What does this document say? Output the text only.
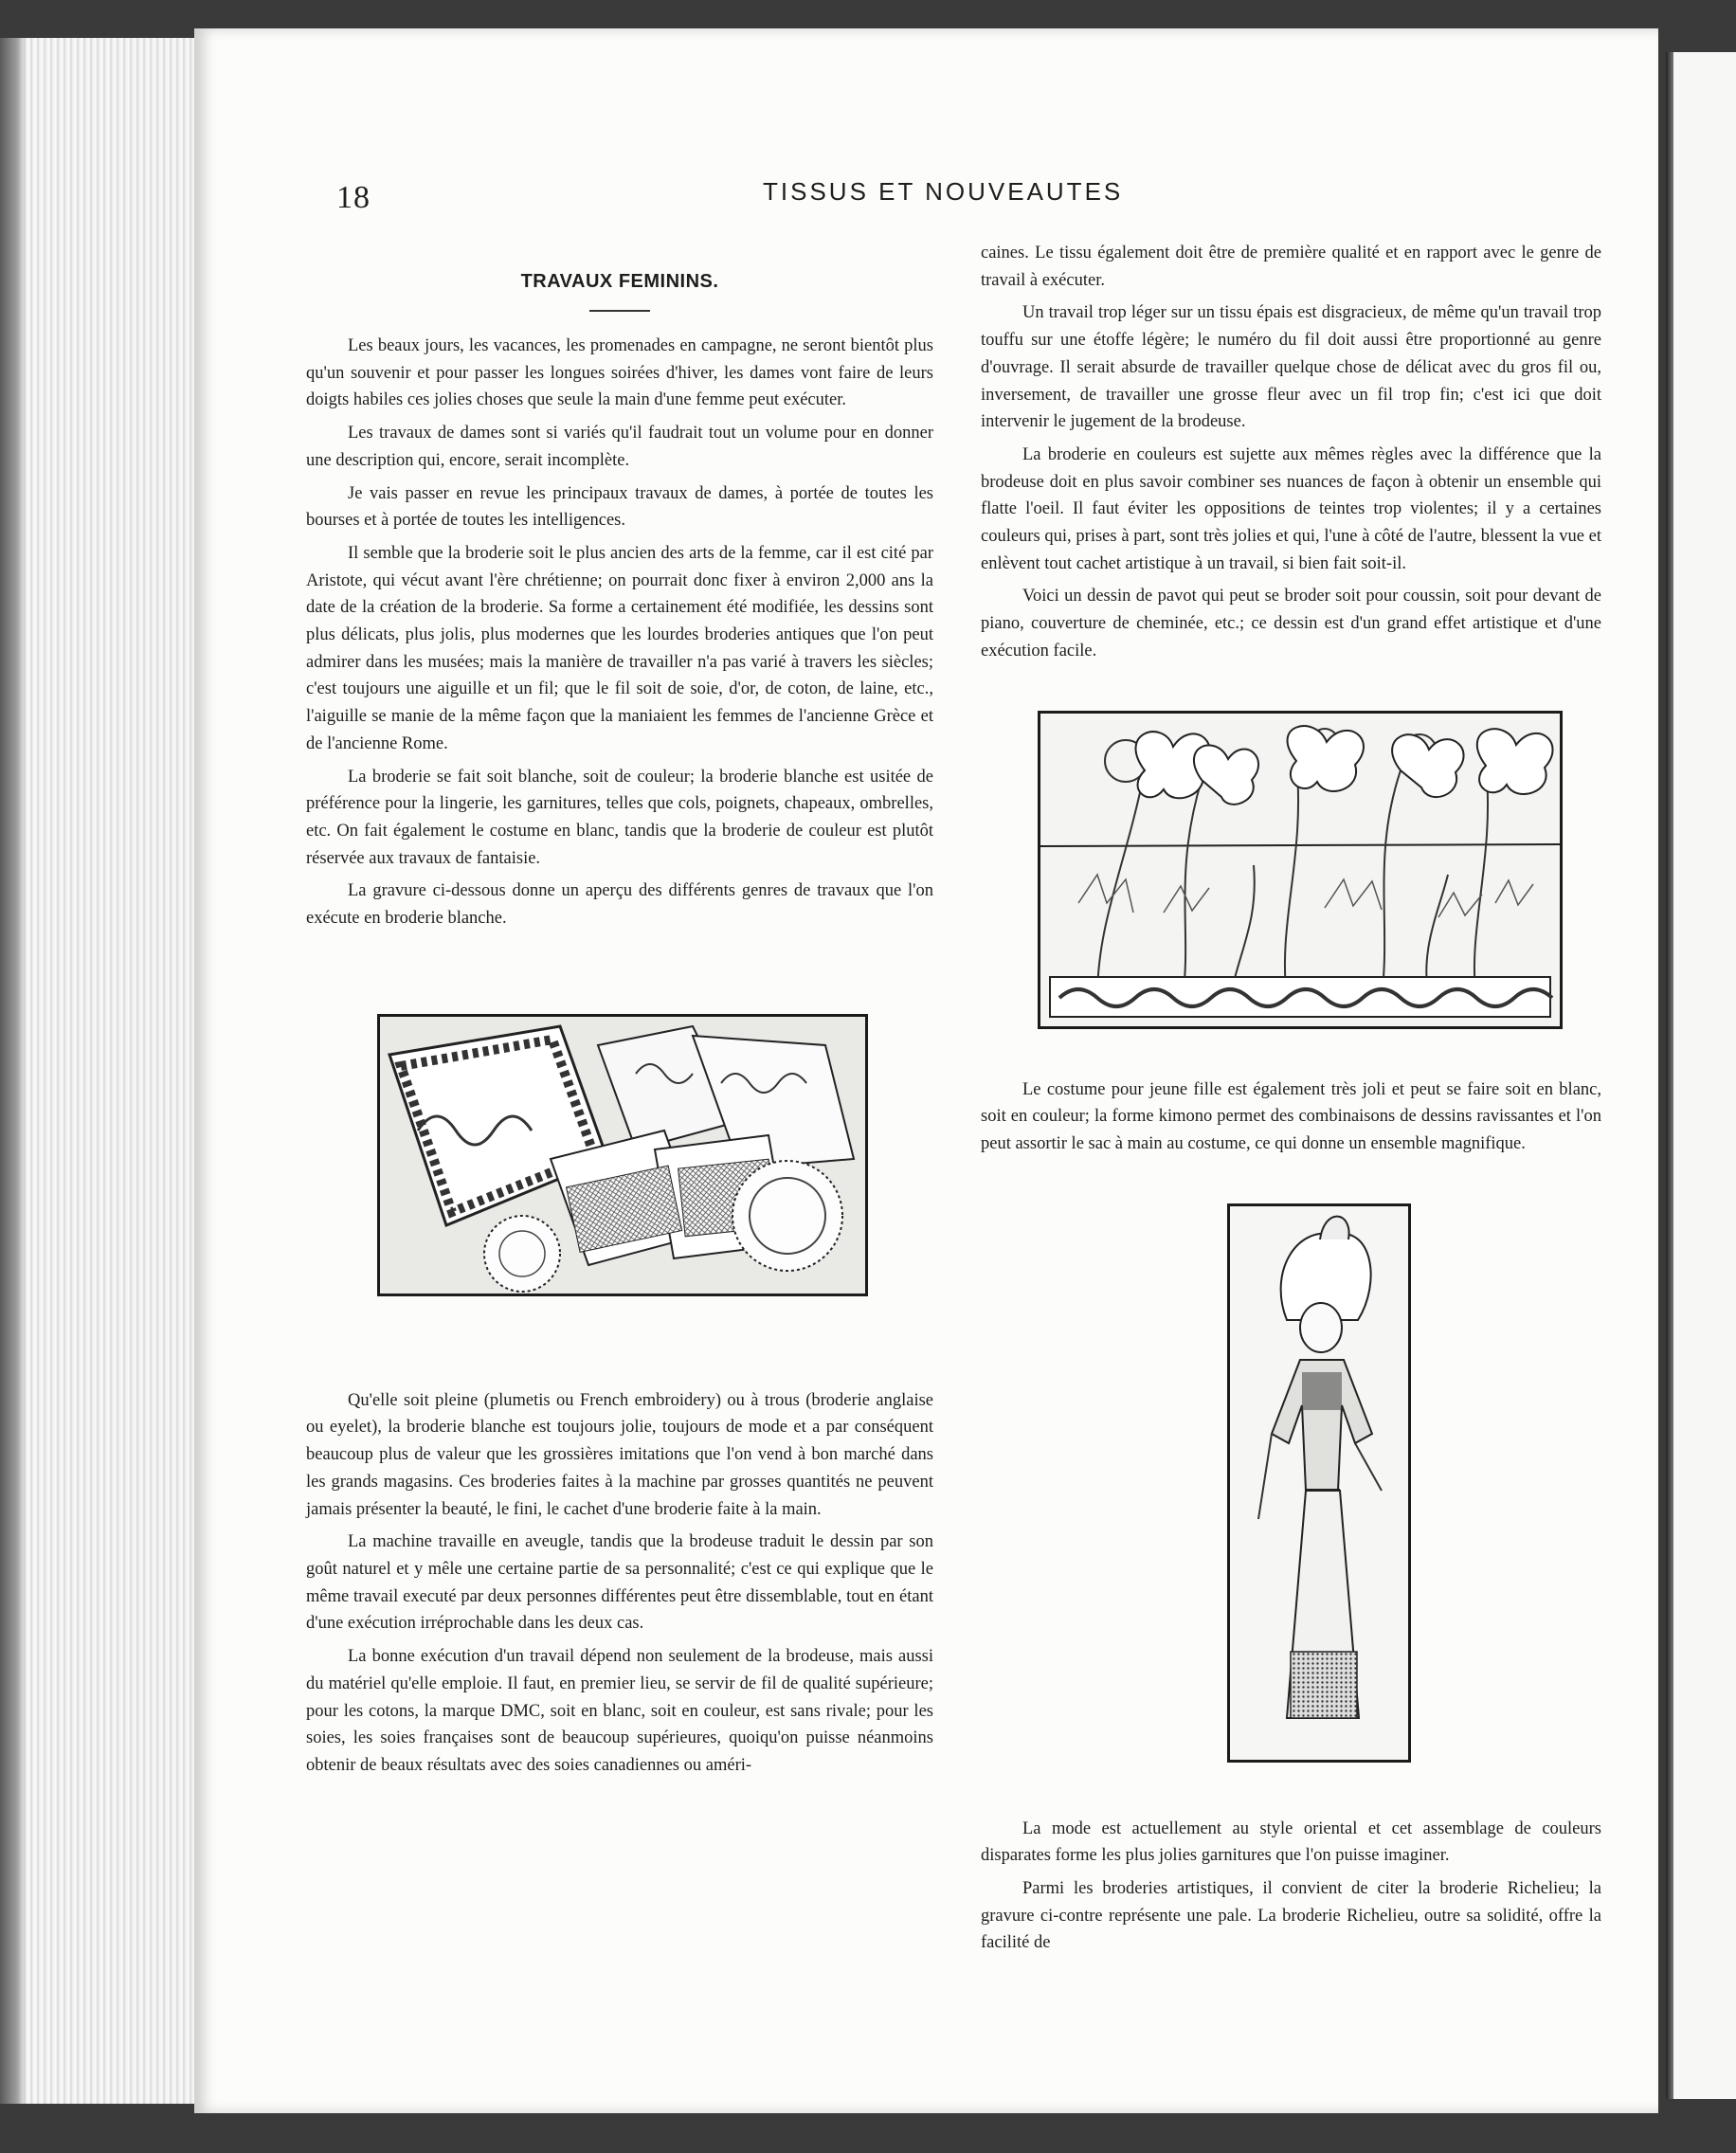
18	TISSUS ET NOUVEAUTES
TRAVAUX FEMININS.

Les beaux jours, les vacances, les promenades en campagne, ne seront bientôt plus qu'un souvenir et pour passer les longues soirées d'hiver, les dames vont faire de leurs doigts habiles ces jolies choses que seule la main d'une femme peut exécuter.

Les travaux de dames sont si variés qu'il faudrait tout un volume pour en donner une description qui, encore, serait incomplète.

Je vais passer en revue les principaux travaux de dames, à portée de toutes les bourses et à portée de toutes les intelligences.

Il semble que la broderie soit le plus ancien des arts de la femme, car il est cité par Aristote, qui vécut avant l'ère chrétienne; on pourrait donc fixer à environ 2,000 ans la date de la création de la broderie. Sa forme a certainement été modifiée, les dessins sont plus délicats, plus jolis, plus modernes que les lourdes broderies antiques que l'on peut admirer dans les musées; mais la manière de travailler n'a pas varié à travers les siècles; c'est toujours une aiguille et un fil; que le fil soit de soie, d'or, de coton, de laine, etc., l'aiguille se manie de la même façon que la maniaient les femmes de l'ancienne Grèce et de l'ancienne Rome.

La broderie se fait soit blanche, soit de couleur; la broderie blanche est usitée de préférence pour la lingerie, les garnitures, telles que cols, poignets, chapeaux, ombrelles, etc. On fait également le costume en blanc, tandis que la broderie de couleur est plutôt réservée aux travaux de fantaisie.

La gravure ci-dessous donne un aperçu des différents genres de travaux que l'on exécute en broderie blanche.

Qu'elle soit pleine (plumetis ou French embroidery) ou à trous (broderie anglaise ou eyelet), la broderie blanche est toujours jolie, toujours de mode et a par conséquent beaucoup plus de valeur que les grossières imitations que l'on vend à bon marché dans les grands magasins. Ces broderies faites à la machine par grosses quantités ne peuvent jamais présenter la beauté, le fini, le cachet d'une broderie faite à la main.

La machine travaille en aveugle, tandis que la brodeuse traduit le dessin par son goût naturel et y mêle une certaine partie de sa personnalité; c'est ce qui explique que le même travail executé par deux personnes différentes peut être dissemblable, tout en étant d'une exécution irréprochable dans les deux cas.

La bonne exécution d'un travail dépend non seulement de la brodeuse, mais aussi du matériel qu'elle emploie. Il faut, en premier lieu, se servir de fil de qualité supérieure; pour les cotons, la marque DMC, soit en blanc, soit en couleur, est sans rivale; pour les soies, les soies françaises sont de beaucoup supérieures, quoiqu'on puisse néanmoins obtenir de beaux résultats avec des soies canadiennes ou améri-

caines. Le tissu également doit être de première qualité et en rapport avec le genre de travail à exécuter.

Un travail trop léger sur un tissu épais est disgracieux, de même qu'un travail trop touffu sur une étoffe légère; le numéro du fil doit aussi être proportionné au genre d'ouvrage. Il serait absurde de travailler quelque chose de délicat avec du gros fil ou, inversement, de travailler une grosse fleur avec un fil trop fin; c'est ici que doit intervenir le jugement de la brodeuse.

La broderie en couleurs est sujette aux mêmes règles avec la différence que la brodeuse doit en plus savoir combiner ses nuances de façon à obtenir un ensemble qui flatte l'oeil. Il faut éviter les oppositions de teintes trop violentes; il y a certaines couleurs qui, prises à part, sont très jolies et qui, l'une à côté de l'autre, blessent la vue et enlèvent tout cachet artistique à un travail, si bien fait soit-il.

Voici un dessin de pavot qui peut se broder soit pour coussin, soit pour devant de piano, couverture de cheminée, etc.; ce dessin est d'un grand effet artistique et d'une exécution facile.

Le costume pour jeune fille est également très joli et peut se faire soit en blanc, soit en couleur; la forme kimono permet des combinaisons de dessins ravissantes et l'on peut assortir le sac à main au costume, ce qui donne un ensemble magnifique.

La mode est actuellement au style oriental et cet assemblage de couleurs disparates forme les plus jolies garnitures que l'on puisse imaginer.

Parmi les broderies artistiques, il convient de citer la broderie Richelieu; la gravure ci-contre représente une pale. La broderie Richelieu, outre sa solidité, offre la facilité de
